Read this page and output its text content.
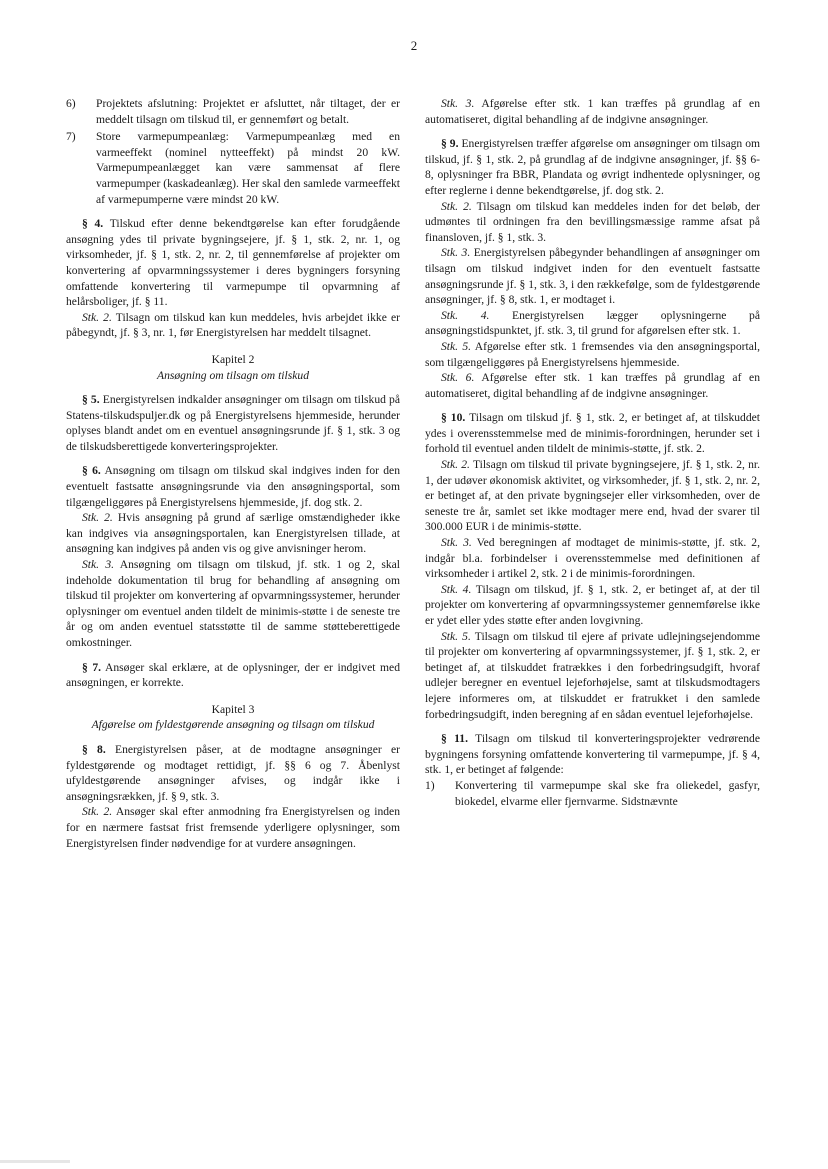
2
6)	Projektets afslutning: Projektet er afsluttet, når tiltaget, der er meddelt tilsagn om tilskud til, er gennemført og betalt.
7)	Store varmepumpeanlæg: Varmepumpeanlæg med en varmeeffekt (nominel nytteeffekt) på mindst 20 kW. Varmepumpeanlægget kan være sammensat af flere varmepumper (kaskadeanlæg). Her skal den samlede varmeeffekt af varmepumperne være mindst 20 kW.

§ 4. Tilskud efter denne bekendtgørelse kan efter forudgående ansøgning ydes til private bygningsejere, jf. § 1, stk. 2, nr. 1, og virksomheder, jf. § 1, stk. 2, nr. 2, til gennemførelse af projekter om konvertering af opvarmningssystemer i deres bygningers forsyning omfattende konvertering til varmepumpe til opvarmning af helårsboliger, jf. § 11.

Stk. 2. Tilsagn om tilskud kan kun meddeles, hvis arbejdet ikke er påbegyndt, jf. § 3, nr. 1, før Energistyrelsen har meddelt tilsagnet.

Kapitel 2
Ansøgning om tilsagn om tilskud

§ 5. Energistyrelsen indkalder ansøgninger om tilsagn om tilskud på Statens-tilskudspuljer.dk og på Energistyrelsens hjemmeside, herunder oplyses blandt andet om en eventuel ansøgningsrunde jf. § 1, stk. 3 og de tilskudsberettigede konverteringsprojekter.

§ 6. Ansøgning om tilsagn om tilskud skal indgives inden for den eventuelt fastsatte ansøgningsrunde via den ansøgningsportal, som tilgængeliggøres på Energistyrelsens hjemmeside, jf. dog stk. 2.

Stk. 2. Hvis ansøgning på grund af særlige omstændigheder ikke kan indgives via ansøgningsportalen, kan Energistyrelsen tillade, at ansøgning kan indgives på anden vis og give anvisninger herom.

Stk. 3. Ansøgning om tilsagn om tilskud, jf. stk. 1 og 2, skal indeholde dokumentation til brug for behandling af ansøgning om tilskud til projekter om konvertering af opvarmningssystemer, herunder oplysninger om eventuel anden tildelt de minimis-støtte i de seneste tre år og om anden eventuel statsstøtte til de samme støtteberettigede omkostninger.

§ 7. Ansøger skal erklære, at de oplysninger, der er indgivet med ansøgningen, er korrekte.

Kapitel 3
Afgørelse om fyldestgørende ansøgning og tilsagn om tilskud

§ 8. Energistyrelsen påser, at de modtagne ansøgninger er fyldestgørende og modtaget rettidigt, jf. §§ 6 og 7. Åbenlyst ufyldestgørende ansøgninger afvises, og indgår ikke i ansøgningsrækken, jf. § 9, stk. 3.

Stk. 2. Ansøger skal efter anmodning fra Energistyrelsen og inden for en nærmere fastsat frist fremsende yderligere oplysninger, som Energistyrelsen finder nødvendige for at vurdere ansøgningen.

Stk. 3. Afgørelse efter stk. 1 kan træffes på grundlag af en automatiseret, digital behandling af de indgivne ansøgninger.

§ 9. Energistyrelsen træffer afgørelse om ansøgninger om tilsagn om tilskud, jf. § 1, stk. 2, på grundlag af de indgivne ansøgninger, jf. §§ 6-8, oplysninger fra BBR, Plandata og øvrigt indhentede oplysninger, og efter reglerne i denne bekendtgørelse, jf. dog stk. 2.

Stk. 2. Tilsagn om tilskud kan meddeles inden for det beløb, der udmøntes til ordningen fra den bevillingsmæssige ramme afsat på finansloven, jf. § 1, stk. 3.

Stk. 3. Energistyrelsen påbegynder behandlingen af ansøgninger om tilsagn om tilskud indgivet inden for den eventuelt fastsatte ansøgningsrunde jf. § 1, stk. 3, i den rækkefølge, som de fyldestgørende ansøgninger, jf. § 8, stk. 1, er modtaget i.

Stk. 4. Energistyrelsen lægger oplysningerne på ansøgningstidspunktet, jf. stk. 3, til grund for afgørelsen efter stk. 1.

Stk. 5. Afgørelse efter stk. 1 fremsendes via den ansøgningsportal, som tilgængeliggøres på Energistyrelsens hjemmeside.

Stk. 6. Afgørelse efter stk. 1 kan træffes på grundlag af en automatiseret, digital behandling af de indgivne ansøgninger.

§ 10. Tilsagn om tilskud jf. § 1, stk. 2, er betinget af, at tilskuddet ydes i overensstemmelse med de minimis-forordningen, herunder set i forhold til eventuel anden tildelt de minimis-støtte, jf. stk. 2.

Stk. 2. Tilsagn om tilskud til private bygningsejere, jf. § 1, stk. 2, nr. 1, der udøver økonomisk aktivitet, og virksomheder, jf. § 1, stk. 2, nr. 2, er betinget af, at den private bygningsejer eller virksomheden, over de seneste tre år, samlet set ikke modtager mere end, hvad der svarer til 300.000 EUR i de minimis-støtte.

Stk. 3. Ved beregningen af modtaget de minimis-støtte, jf. stk. 2, indgår bl.a. forbindelser i overensstemmelse med definitionen af virksomheder i artikel 2, stk. 2 i de minimis-forordningen.

Stk. 4. Tilsagn om tilskud, jf. § 1, stk. 2, er betinget af, at der til projekter om konvertering af opvarmningssystemer gennemførelse ikke er ydet eller ydes støtte efter anden lovgivning.

Stk. 5. Tilsagn om tilskud til ejere af private udlejningsejendomme til projekter om konvertering af opvarmningssystemer, jf. § 1, stk. 2, er betinget af, at tilskuddet fratrækkes i den forbedringsudgift, hvoraf udlejer beregner en eventuel lejeforhøjelse, samt at tilskudsmodtagers lejere informeres om, at tilskuddet er fratrukket i den samlede forbedringsudgift, inden beregning af en sådan eventuel lejeforhøjelse.

§ 11. Tilsagn om tilskud til konverteringsprojekter vedrørende bygningens forsyning omfattende konvertering til varmepumpe, jf. § 4, stk. 1, er betinget af følgende:

1)	Konvertering til varmepumpe skal ske fra oliekedel, gasfyr, biokedel, elvarme eller fjernvarme. Sidstnævnte
